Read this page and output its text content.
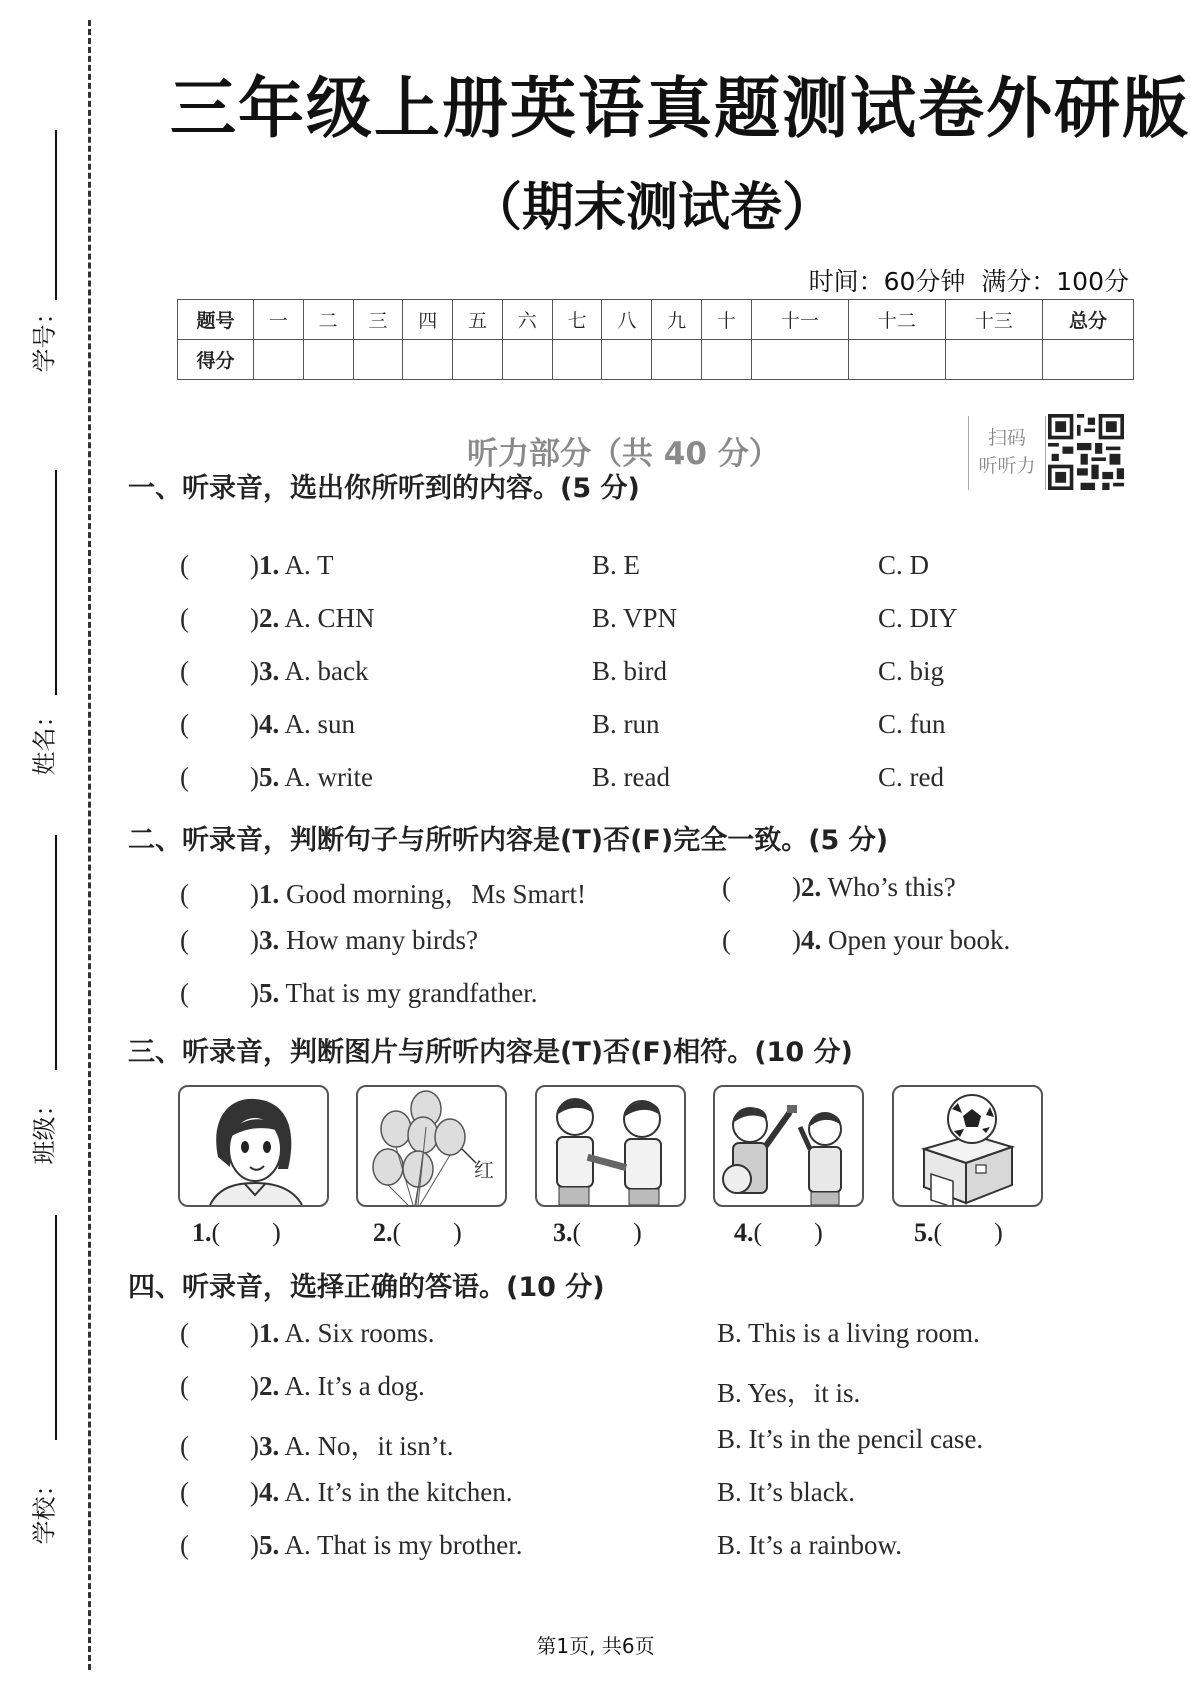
学号：
姓名：
班级：
学校：
三年级上册英语真题测试卷外研版
（期末测试卷）
时间：60分钟 满分：100分
题号	一	二	三	四	五	六	七	八	九	十	十一	十二	十三	总分
得分														
听力部分（共 40 分）	扫码
听听力
一、听录音，选出你所听到的内容。(5 分)
( )1. A. T	B. E	C. D
( )2. A. CHN	B. VPN	C. DIY
( )3. A. back	B. bird	C. big
( )4. A. sun	B. run	C. fun
( )5. A. write	B. read	C. red
二、听录音，判断句子与所听内容是(T)否(F)完全一致。(5 分)
( )1. Good morning，Ms Smart!	( )2. Who’s this?
( )3. How many birds?	( )4. Open your book.
( )5. That is my grandfather.
三、听录音，判断图片与所听内容是(T)否(F)相符。(10 分)
红
1.( )	2.( )	3.( )	4.( )	5.( )
四、听录音，选择正确的答语。(10 分)
( )1. A. Six rooms.	B. This is a living room.
( )2. A. It’s a dog.	B. Yes，it is.
( )3. A. No，it isn’t.	B. It’s in the pencil case.
( )4. A. It’s in the kitchen.	B. It’s black.
( )5. A. That is my brother.	B. It’s a rainbow.
第1页, 共6页
